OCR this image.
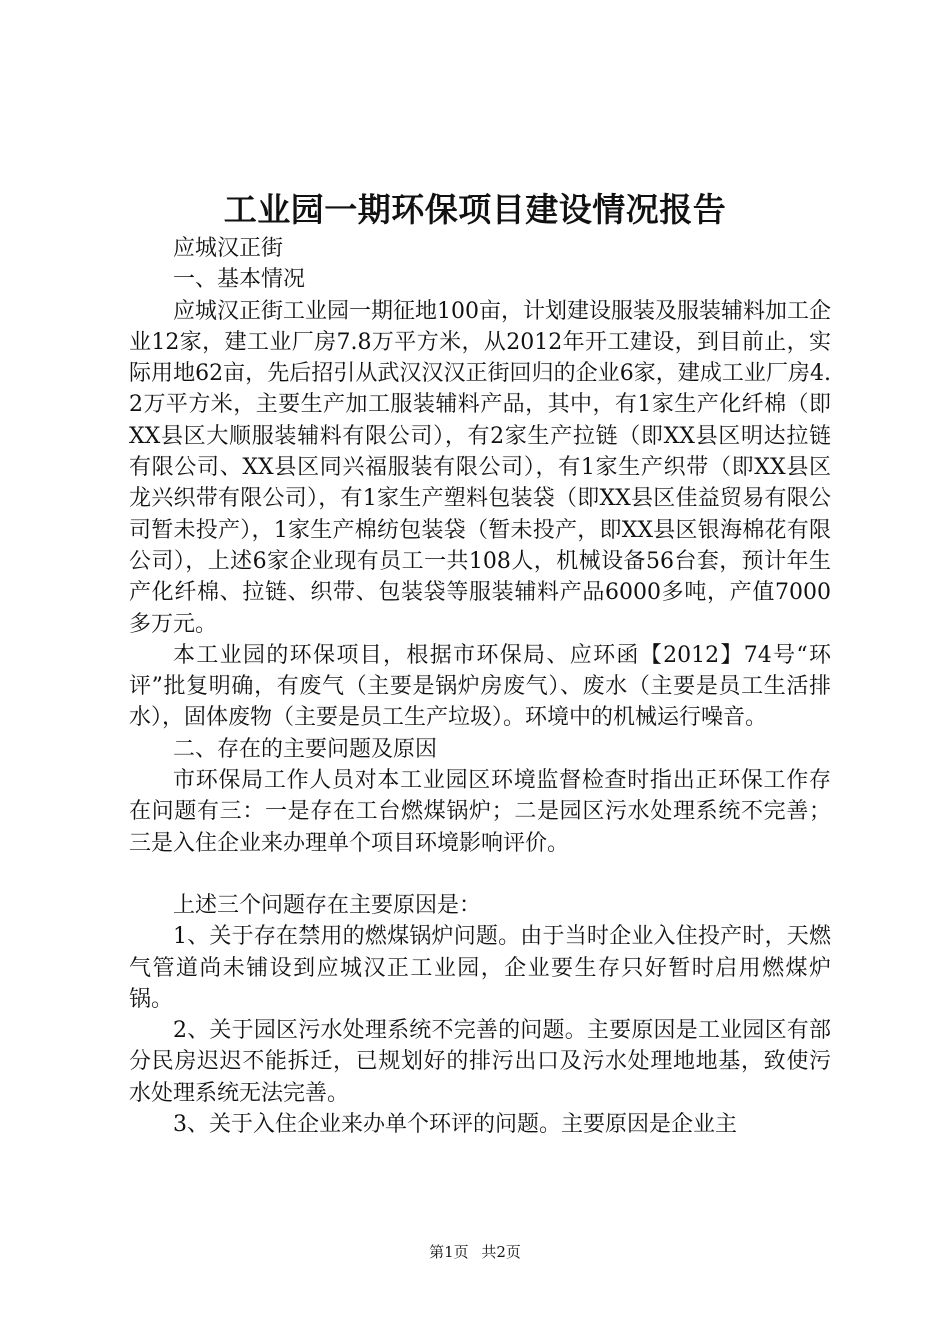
工业园一期环保项目建设情况报告

应城汉正街

一、基本情况

应城汉正街工业园一期征地100亩，计划建设服装及服装辅料加工企业12家，建工业厂房7.8万平方米，从2012年开工建设，到目前止，实际用地62亩，先后招引从武汉汉汉正街回归的企业6家，建成工业厂房4.2万平方米，主要生产加工服装辅料产品，其中，有1家生产化纤棉（即XX县区大顺服装辅料有限公司），有2家生产拉链（即XX县区明达拉链有限公司、XX县区同兴福服装有限公司），有1家生产织带（即XX县区龙兴织带有限公司），有1家生产塑料包装袋（即XX县区佳益贸易有限公司暂未投产），1家生产棉纺包装袋（暂未投产，即XX县区银海棉花有限公司），上述6家企业现有员工一共108人，机械设备56台套，预计年生产化纤棉、拉链、织带、包装袋等服装辅料产品6000多吨，产值7000多万元。

本工业园的环保项目，根据市环保局、应环函【2012】74号“环评”批复明确，有废气（主要是锅炉房废气）、废水（主要是员工生活排水），固体废物（主要是员工生产垃圾）。环境中的机械运行噪音。

二、存在的主要问题及原因

市环保局工作人员对本工业园区环境监督检查时指出正环保工作存在问题有三：一是存在工台燃煤锅炉；二是园区污水处理系统不完善；三是入住企业来办理单个项目环境影响评价。

上述三个问题存在主要原因是：

1、关于存在禁用的燃煤锅炉问题。由于当时企业入住投产时，天燃气管道尚未铺设到应城汉正工业园，企业要生存只好暂时启用燃煤炉锅。

2、关于园区污水处理系统不完善的问题。主要原因是工业园区有部分民房迟迟不能拆迁，已规划好的排污出口及污水处理地地基，致使污水处理系统无法完善。

3、关于入住企业来办单个环评的问题。主要原因是企业主

第1页 共2页
